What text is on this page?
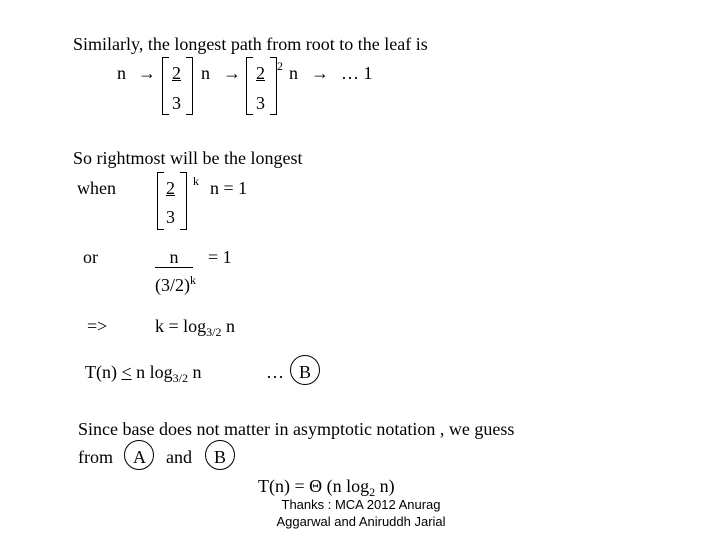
Similarly, the longest path from root to the leaf is
n → 2
3
n → 2
3
2 n → … 1
So rightmost will be the longest
when	2
3
k n = 1
or	n	= 1
$(3/2)^k$
=>	$k = \log_{3/2} n$
T(n) < n $\log_{3/2} n$	… B
Since base does not matter in asymptotic notation , we guess
from A and B
T(n) = Θ (n $\log_2 n$)
Thanks : MCA 2012 Anurag
Aggarwal and Aniruddh Jarial
